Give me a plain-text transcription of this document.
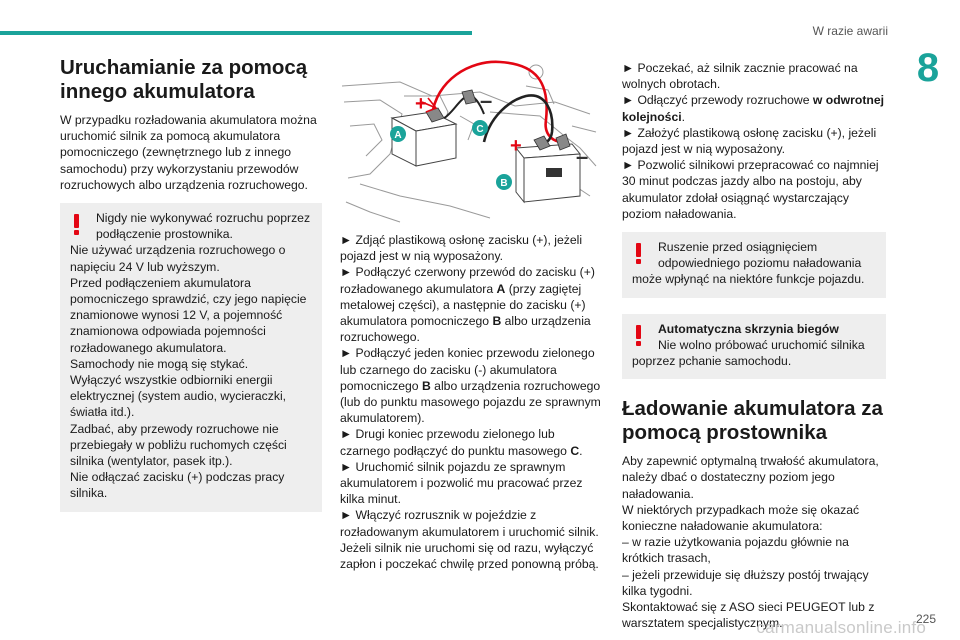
W razie awarii
8
Uruchamianie za pomocą
innego akumulatora

W przypadku rozładowania akumulatora można
uruchomić silnik za pomocą akumulatora
pomocniczego (zewnętrznego lub z innego
samochodu) przy wykorzystaniu przewodów
rozruchowych albo urządzenia rozruchowego.

Nigdy nie wykonywać rozruchu poprzez
podłączenie prostownika.
Nie używać urządzenia rozruchowego o
napięciu 24 V lub wyższym.
Przed podłączeniem akumulatora
pomocniczego sprawdzić, czy jego napięcie
znamionowe wynosi 12 V, a pojemność
znamionowa odpowiada pojemności
rozładowanego akumulatora.
Samochody nie mogą się stykać.
Wyłączyć wszystkie odbiorniki energii
elektrycznej (system audio, wycieraczki,
światła itd.).
Zadbać, aby przewody rozruchowe nie
przebiegały w pobliżu ruchomych części
silnika (wentylator, pasek itp.).
Nie odłączać zacisku (+) podczas pracy
silnika.
+ –
+ –
A
C
B
► Zdjąć plastikową osłonę zacisku (+), jeżeli
pojazd jest w nią wyposażony.
► Podłączyć czerwony przewód do zacisku (+)
rozładowanego akumulatora A (przy zagiętej
metalowej części), a następnie do zacisku (+)
akumulatora pomocniczego B albo urządzenia
rozruchowego.
► Podłączyć jeden koniec przewodu zielonego
lub czarnego do zacisku (-) akumulatora
pomocniczego B albo urządzenia rozruchowego
(lub do punktu masowego pojazdu ze sprawnym
akumulatorem).
► Drugi koniec przewodu zielonego lub
czarnego podłączyć do punktu masowego C.
► Uruchomić silnik pojazdu ze sprawnym
akumulatorem i pozwolić mu pracować przez
kilka minut.
► Włączyć rozrusznik w pojeździe z
rozładowanym akumulatorem i uruchomić silnik.
Jeżeli silnik nie uruchomi się od razu, wyłączyć
zapłon i poczekać chwilę przed ponowną próbą.
► Poczekać, aż silnik zacznie pracować na
wolnych obrotach.
► Odłączyć przewody rozruchowe w odwrotnej
kolejności.
► Założyć plastikową osłonę zacisku (+), jeżeli
pojazd jest w nią wyposażony.
► Pozwolić silnikowi przepracować co najmniej
30 minut podczas jazdy albo na postoju, aby
akumulator zdołał osiągnąć wystarczający
poziom naładowania.
Ruszenie przed osiągnięciem
odpowiedniego poziomu naładowania
może wpłynąć na niektóre funkcje pojazdu.
Automatyczna skrzynia biegów
Nie wolno próbować uruchomić silnika
poprzez pchanie samochodu.
Ładowanie akumulatora za
pomocą prostownika

Aby zapewnić optymalną trwałość akumulatora,
należy dbać o dostateczny poziom jego
naładowania.
W niektórych przypadkach może się okazać
konieczne naładowanie akumulatora:
– w razie użytkowania pojazdu głównie na
krótkich trasach,
– jeżeli przewiduje się dłuższy postój trwający
kilka tygodni.
Skontaktować się z ASO sieci PEUGEOT lub z
warsztatem specjalistycznym.	225
carmanualsonline.info
